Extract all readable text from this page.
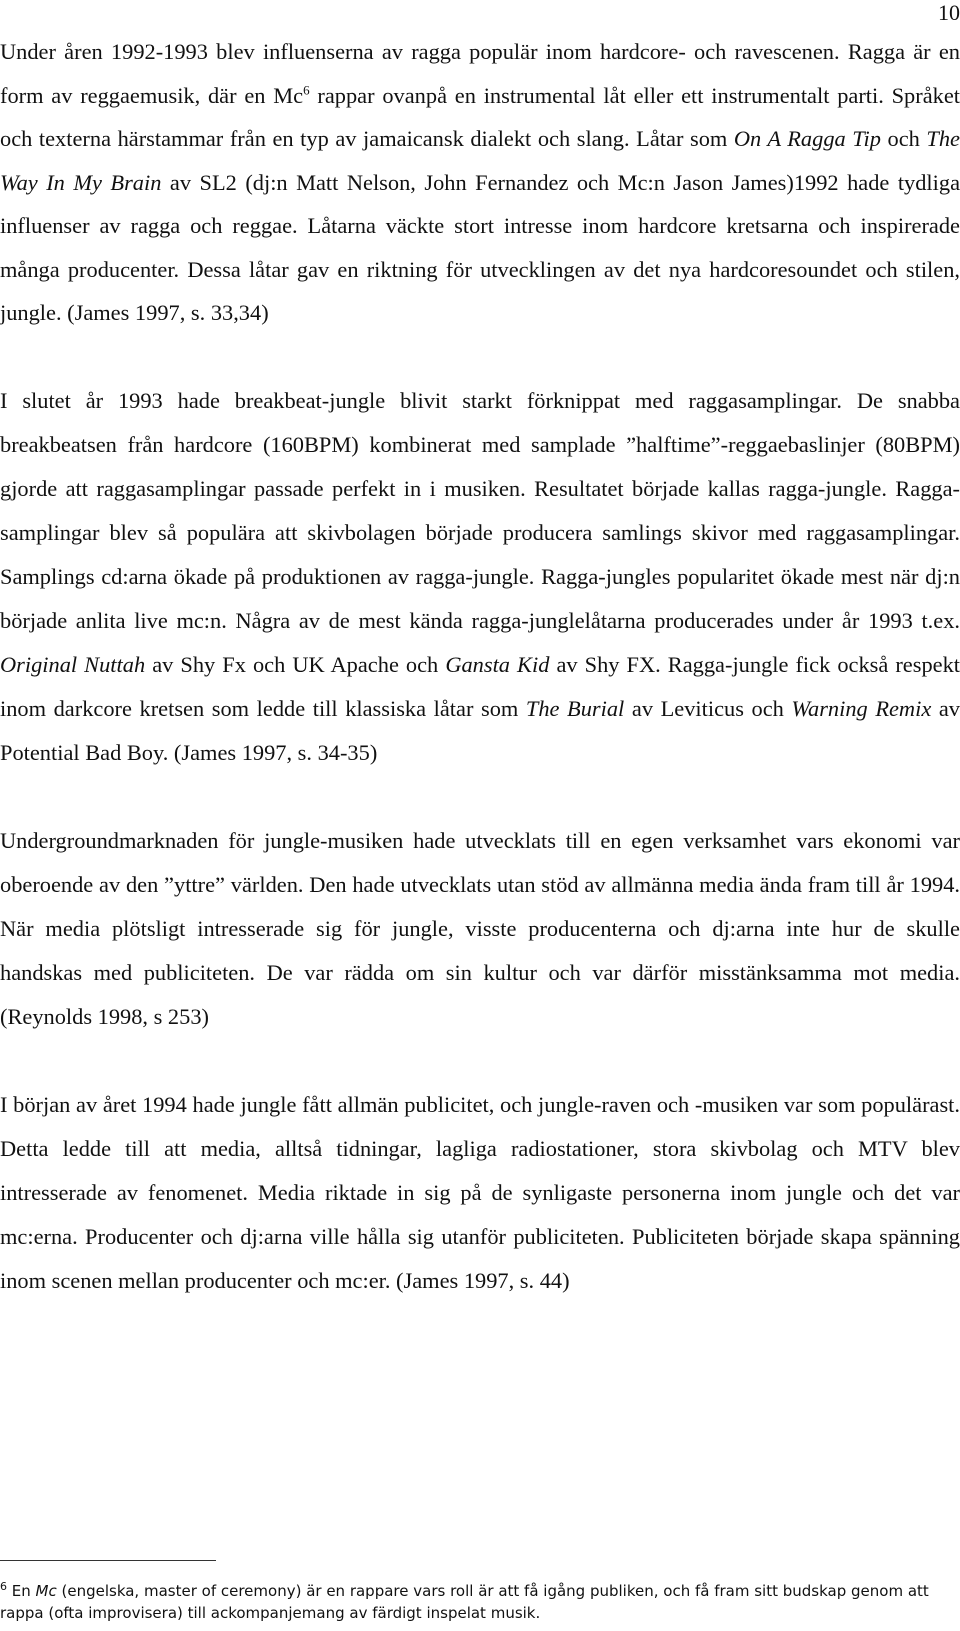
10

Under åren 1992-1993 blev influenserna av ragga populär inom hardcore- och ravescenen. Ragga är en form av reggaemusik, där en Mc$^6$ rappar ovanpå en instrumental låt eller ett instrumentalt parti. Språket och texterna härstammar från en typ av jamaicansk dialekt och slang. Låtar som On A Ragga Tip och The Way In My Brain av SL2 (dj:n Matt Nelson, John Fernandez och Mc:n Jason James)1992 hade tydliga influenser av ragga och reggae. Låtarna väckte stort intresse inom hardcore kretsarna och inspirerade många producenter. Dessa låtar gav en riktning för utvecklingen av det nya hardcoresoundet och stilen, jungle. (James 1997, s. 33,34)

I slutet år 1993 hade breakbeat-jungle blivit starkt förknippat med raggasamplingar. De snabba breakbeatsen från hardcore (160BPM) kombinerat med samplade ”halftime”-reggaebaslinjer (80BPM) gjorde att raggasamplingar passade perfekt in i musiken. Resultatet började kallas ragga-jungle. Ragga-samplingar blev så populära att skivbolagen började producera samlings skivor med raggasamplingar. Samplings cd:arna ökade på produktionen av ragga-jungle. Ragga-jungles popularitet ökade mest när dj:n började anlita live mc:n. Några av de mest kända ragga-junglelåtarna producerades under år 1993 t.ex. Original Nuttah av Shy Fx och UK Apache och Gansta Kid av Shy FX. Ragga-jungle fick också respekt inom darkcore kretsen som ledde till klassiska låtar som The Burial av Leviticus och Warning Remix av Potential Bad Boy. (James 1997, s. 34-35)

Undergroundmarknaden för jungle-musiken hade utvecklats till en egen verksamhet vars ekonomi var oberoende av den ”yttre” världen. Den hade utvecklats utan stöd av allmänna media ända fram till år 1994. När media plötsligt intresserade sig för jungle, visste producenterna och dj:arna inte hur de skulle handskas med publiciteten. De var rädda om sin kultur och var därför misstänksamma mot media. (Reynolds 1998, s 253)

I början av året 1994 hade jungle fått allmän publicitet, och jungle-raven och -musiken var som populärast. Detta ledde till att media, alltså tidningar, lagliga radiostationer, stora skivbolag och MTV blev intresserade av fenomenet. Media riktade in sig på de synligaste personerna inom jungle och det var mc:erna. Producenter och dj:arna ville hålla sig utanför publiciteten. Publiciteten började skapa spänning inom scenen mellan producenter och mc:er. (James 1997, s. 44)

$^6$ En Mc (engelska, master of ceremony) är en rappare vars roll är att få igång publiken, och få fram sitt budskap genom att rappa (ofta improvisera) till ackompanjemang av färdigt inspelat musik.
